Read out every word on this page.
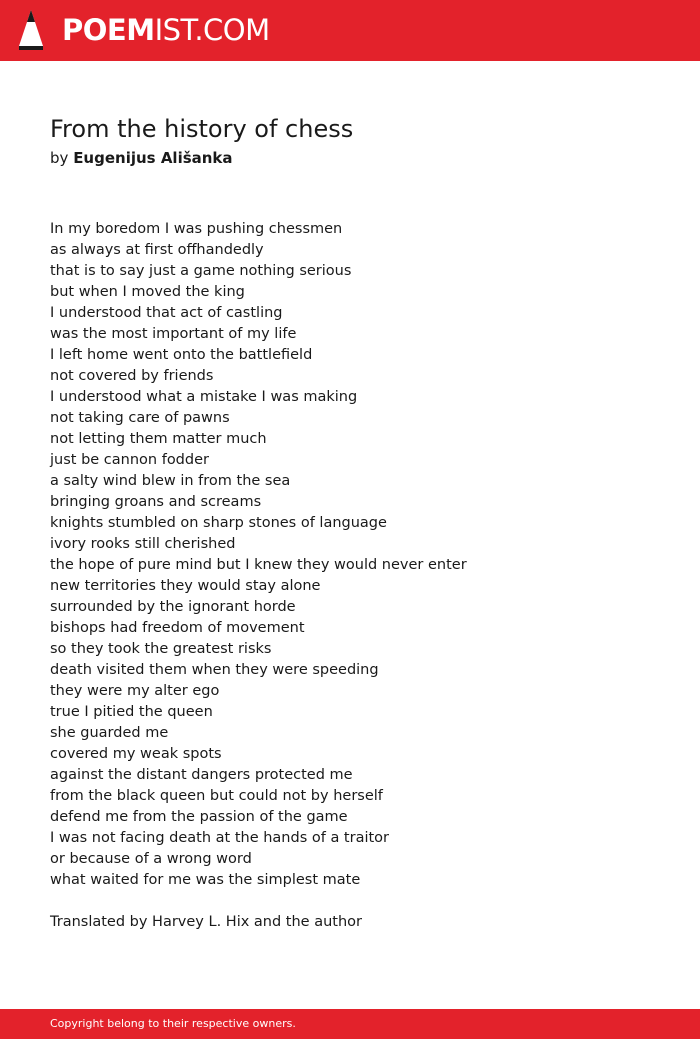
POEMIST.COM
From the history of chess
by Eugenijus Ališanka
In my boredom I was pushing chessmen
as always at first offhandedly
that is to say just a game nothing serious
but when I moved the king
I understood that act of castling
was the most important of my life
I left home went onto the battlefield
not covered by friends
I understood what a mistake I was making
not taking care of pawns
not letting them matter much
just be cannon fodder
a salty wind blew in from the sea
bringing groans and screams
knights stumbled on sharp stones of language
ivory rooks still cherished
the hope of pure mind but I knew they would never enter
new territories they would stay alone
surrounded by the ignorant horde
bishops had freedom of movement
so they took the greatest risks
death visited them when they were speeding
they were my alter ego
true I pitied the queen
she guarded me
covered my weak spots
against the distant dangers protected me
from the black queen but could not by herself
defend me from the passion of the game
I was not facing death at the hands of a traitor
or because of a wrong word
what waited for me was the simplest mate
Translated by Harvey L. Hix and the author
Copyright belong to their respective owners.
